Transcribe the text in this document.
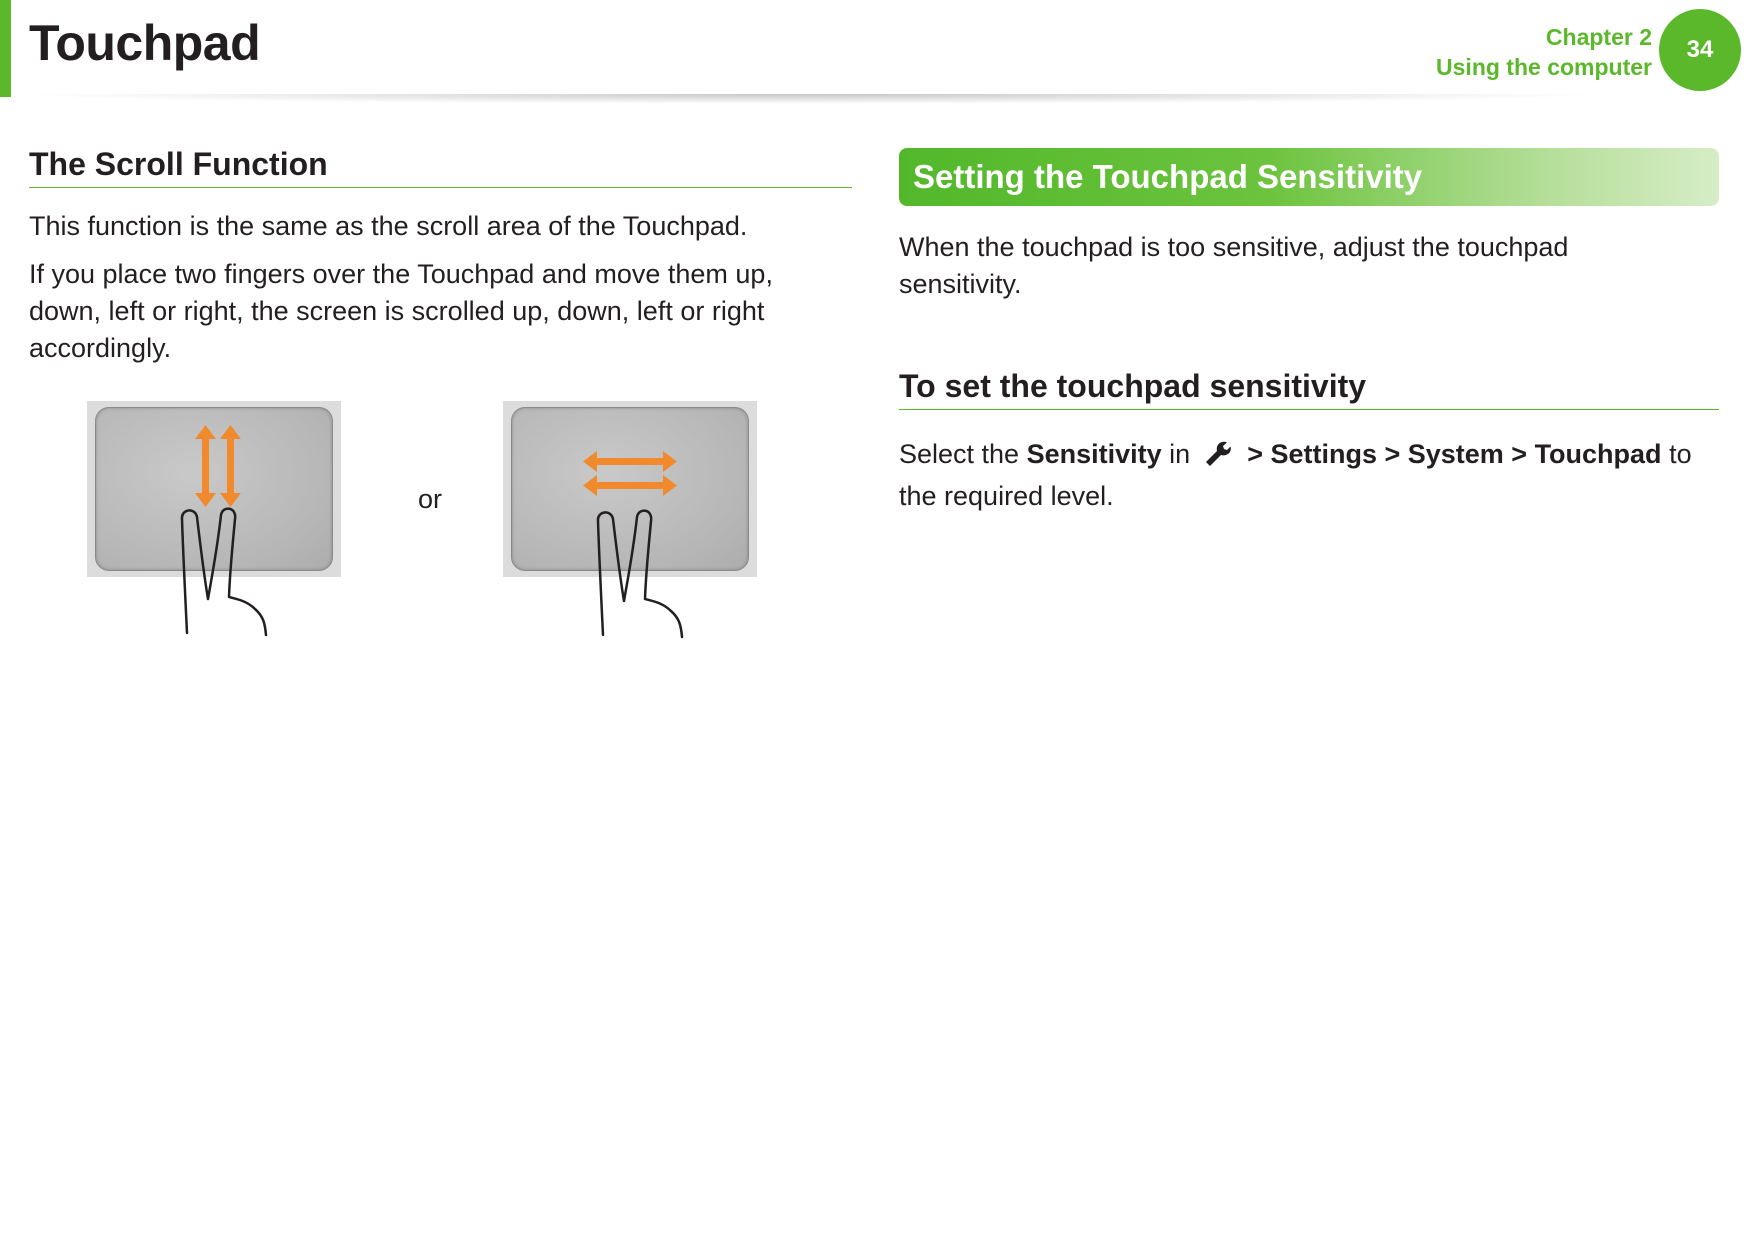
Touchpad	Chapter 2
Using the computer
34
The Scroll Function
This function is the same as the scroll area of the Touchpad.
If you place two fingers over the Touchpad and move them up, down, left or right, the screen is scrolled up, down, left or right accordingly.
or
Setting the Touchpad Sensitivity
When the touchpad is too sensitive, adjust the touchpad sensitivity.
To set the touchpad sensitivity
Select the Sensitivity in  > Settings > System > Touchpad to
the required level.
